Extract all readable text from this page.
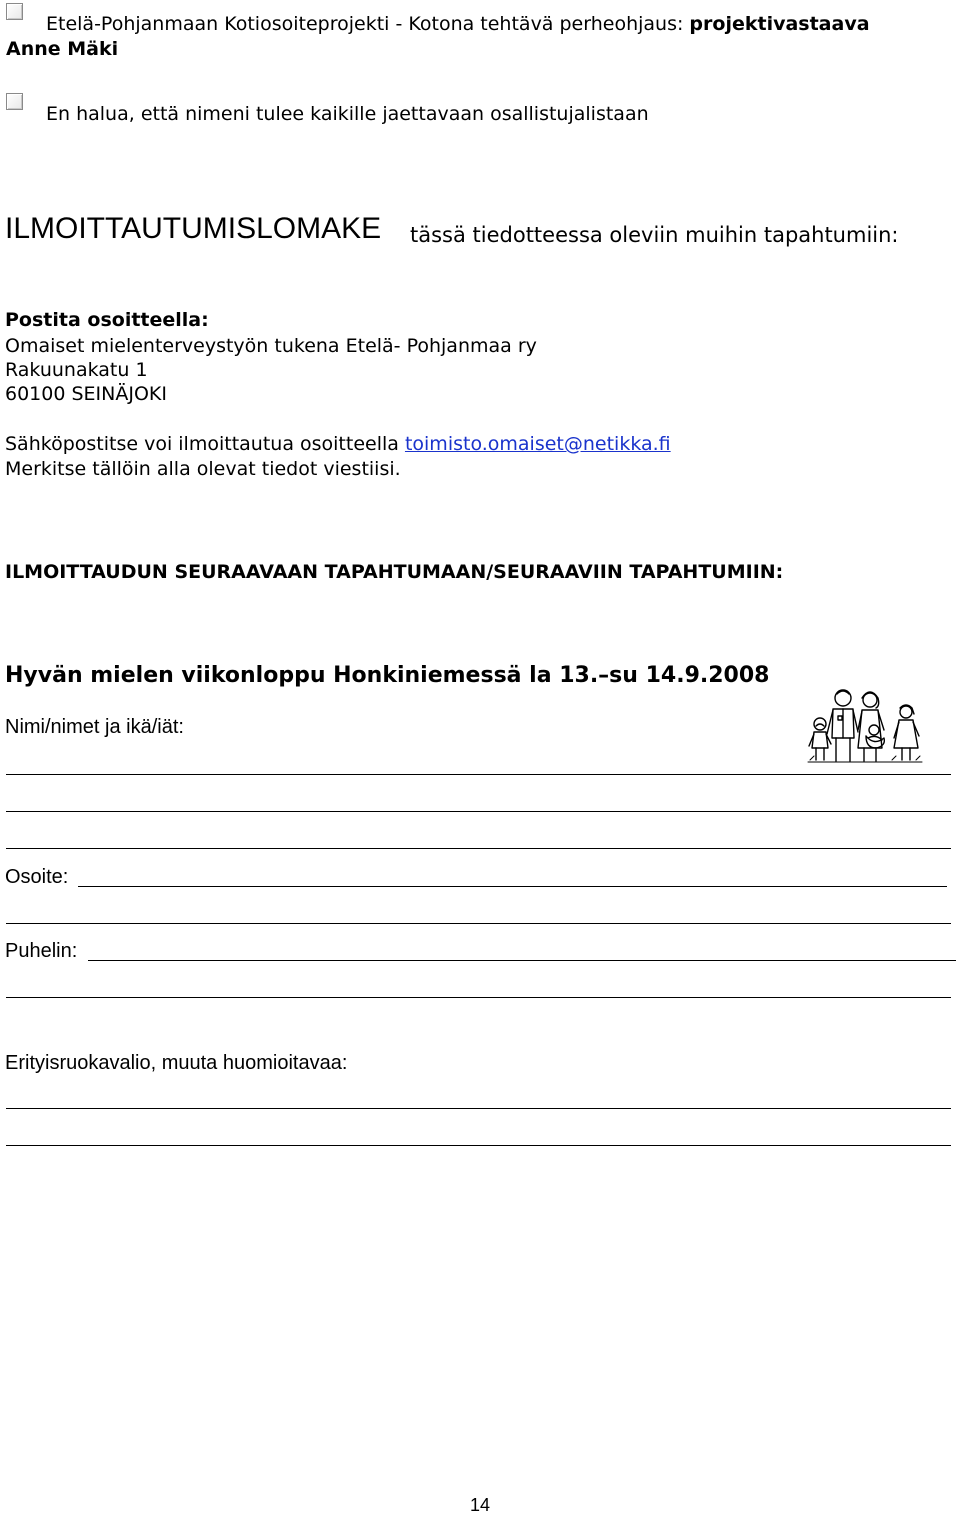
Etelä-Pohjanmaan Kotiosoiteprojekti - Kotona tehtävä perheohjaus: projektivastaava
Anne Mäki
En halua, että nimeni tulee kaikille jaettavaan osallistujalistaan
ILMOITTAUTUMISLOMAKE tässä tiedotteessa oleviin muihin tapahtumiin:
Postita osoitteella:
Omaiset mielenterveystyön tukena Etelä- Pohjanmaa ry
Rakuunakatu 1
60100 SEINÄJOKI
Sähköpostitse voi ilmoittautua osoitteella toimisto.omaiset@netikka.fi
Merkitse tällöin alla olevat tiedot viestiisi.
ILMOITTAUDUN SEURAAVAAN TAPAHTUMAAN/SEURAAVIIN TAPAHTUMIIN:
Hyvän mielen viikonloppu Honkiniemessä la 13.–su 14.9.2008
Nimi/nimet ja ikä/iät:
Osoite:
Puhelin:
Erityisruokavalio, muuta huomioitavaa:
14
